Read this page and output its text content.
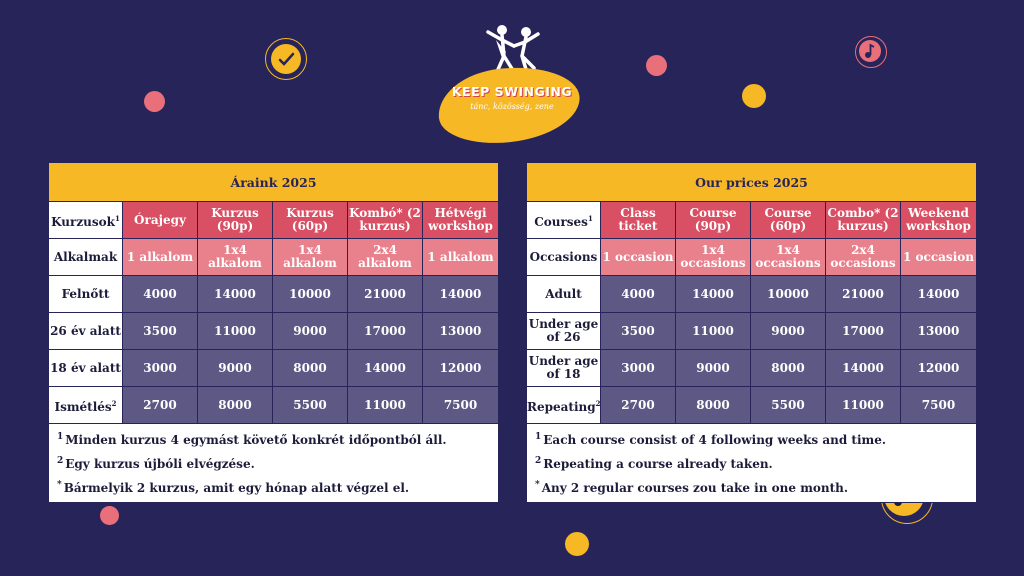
KEEP SWINGING
tánc, közösség, zene
Áraink 2025					
Kurzusok$^1$	Órajegy	Kurzus (90p)	Kurzus (60p)	Kombó* (2 kurzus)	Hétvégi workshop
Alkalmak	1 alkalom	1x4 alkalom	1x4 alkalom	2x4 alkalom	1 alkalom
Felnőtt	4000	14000	10000	21000	14000
26 év alatt	3500	11000	9000	17000	13000
18 év alatt	3000	9000	8000	14000	12000
Ismétlés$^2$	2700	8000	5500	11000	7500

$^1$ Minden kurzus 4 egymást követő konkrét időpontból áll.
$^2$ Egy kurzus újbóli elvégzése.
* Bármelyik 2 kurzus, amit egy hónap alatt végzel el.					
Our prices 2025					
Courses$^1$	Class ticket	Course (90p)	Course (60p)	Combo* (2 kurzus)	Weekend workshop
Occasions	1 occasion	1x4 occasions	1x4 occasions	2x4 occasions	1 occasion
Adult	4000	14000	10000	21000	14000
Under age of 26	3500	11000	9000	17000	13000
Under age of 18	3000	9000	8000	14000	12000
Repeating$^2$	2700	8000	5500	11000	7500

$^1$ Each course consist of 4 following weeks and time.
$^2$ Repeating a course already taken.
* Any 2 regular courses zou take in one month.					
